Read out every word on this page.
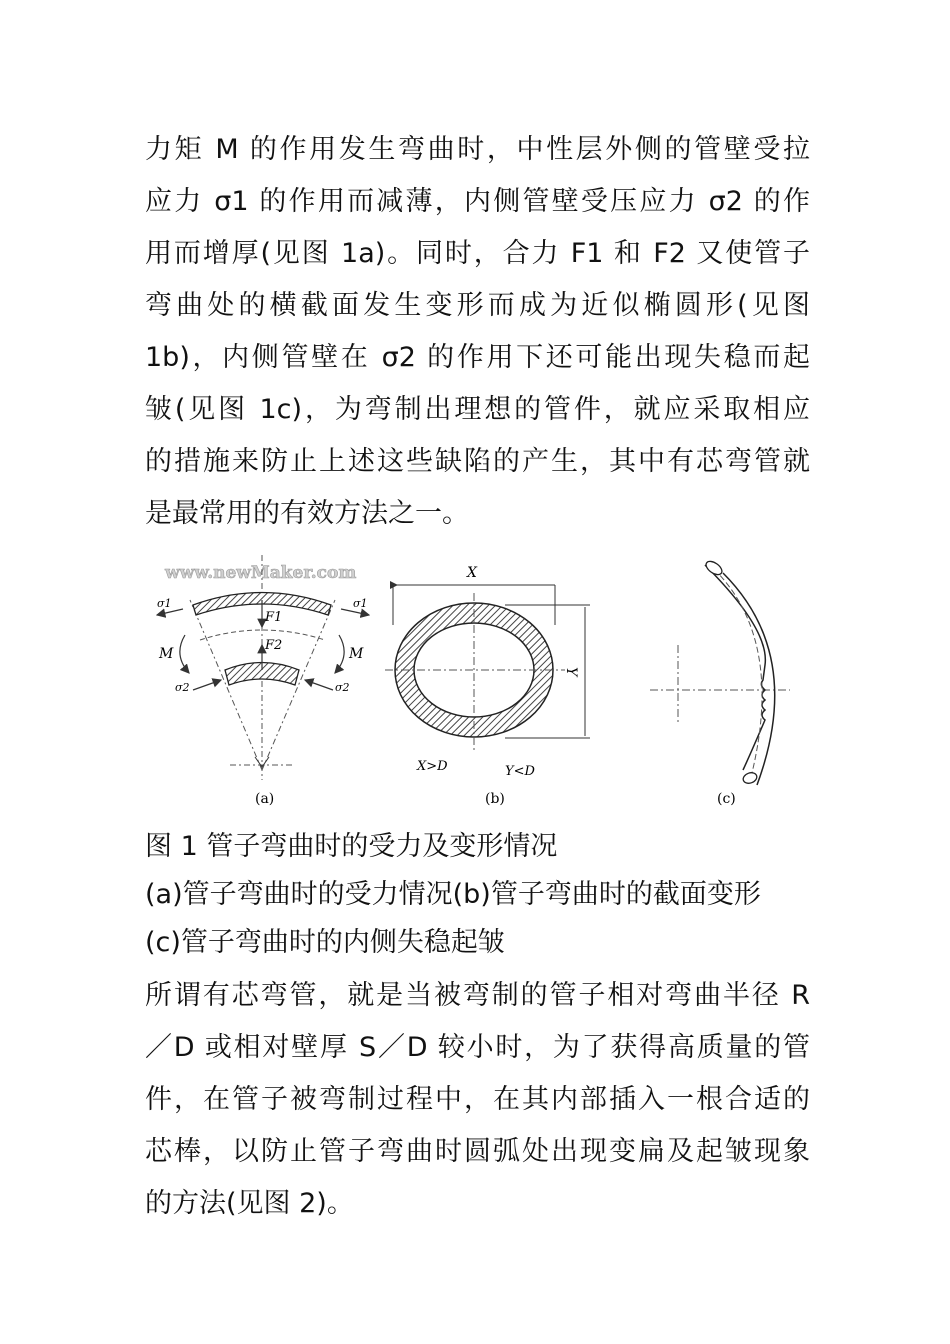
力矩 M 的作用发生弯曲时，中性层外侧的管壁受拉
应力 σ1 的作用而减薄，内侧管壁受压应力 σ2 的作
用而增厚(见图 1a)。同时，合力 F1 和 F2 又使管子
弯曲处的横截面发生变形而成为近似椭圆形(见图
1b)，内侧管壁在 σ2 的作用下还可能出现失稳而起
皱(见图 1c)，为弯制出理想的管件，就应采取相应
的措施来防止上述这些缺陷的产生，其中有芯弯管就
是最常用的有效方法之一。

www.newMaker.com
σ1	σ1
σ2	σ2
M	M
F1
F2
(a)
X
Y
X>D	Y<D
(b)	(c)

图 1 管子弯曲时的受力及变形情况

(a)管子弯曲时的受力情况(b)管子弯曲时的截面变形

(c)管子弯曲时的内侧失稳起皱

所谓有芯弯管，就是当被弯制的管子相对弯曲半径 R
／D 或相对壁厚 S／D 较小时，为了获得高质量的管
件，在管子被弯制过程中，在其内部插入一根合适的
芯棒，以防止管子弯曲时圆弧处出现变扁及起皱现象
的方法(见图 2)。
